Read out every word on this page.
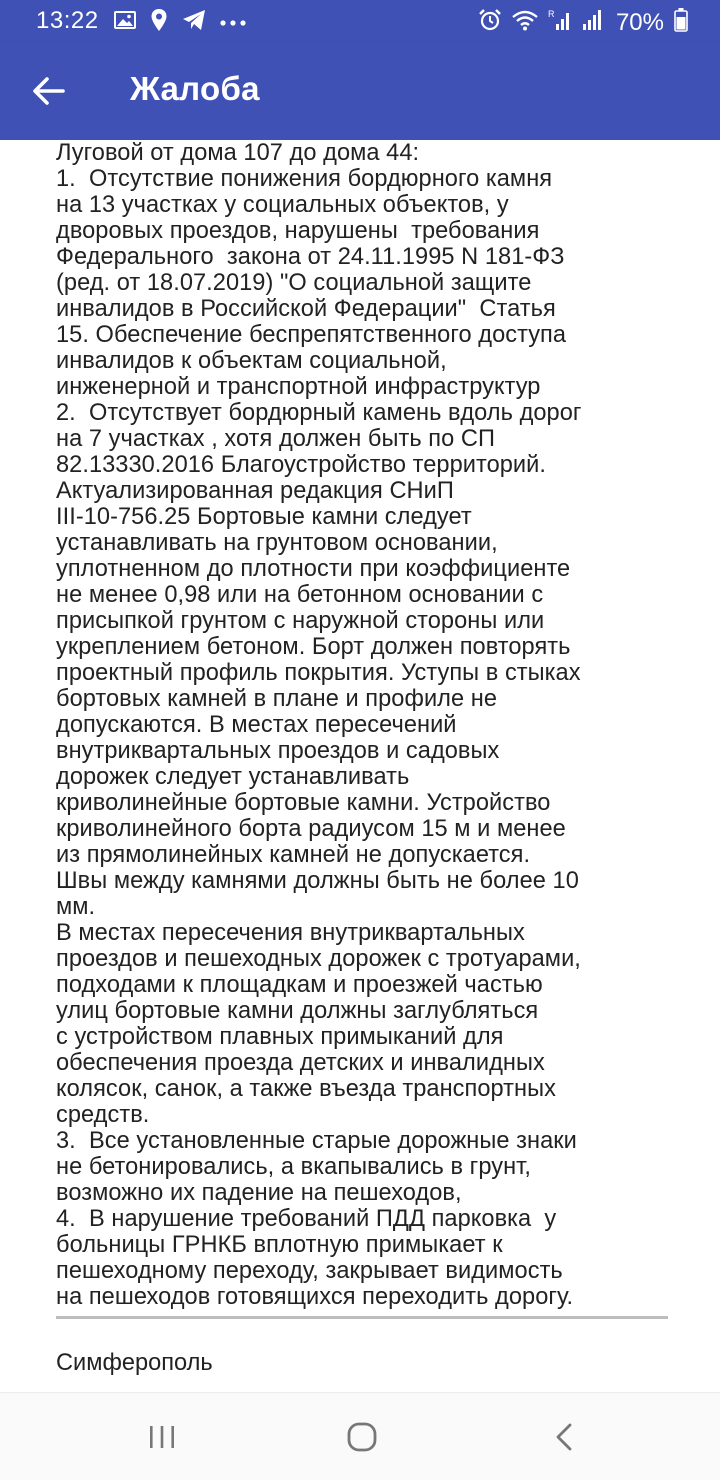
13:22	R	70%
Жалоба
Луговой от дома 107 до дома 44:
1.  Отсутствие понижения бордюрного камня
на 13 участках у социальных объектов, у
дворовых проездов, нарушены  требования
Федерального  закона от 24.11.1995 N 181-ФЗ
(ред. от 18.07.2019) "О социальной защите
инвалидов в Российской Федерации"  Статья
15. Обеспечение беспрепятственного доступа
инвалидов к объектам социальной,
инженерной и транспортной инфраструктур
2.  Отсутствует бордюрный камень вдоль дорог
на 7 участках , хотя должен быть по СП
82.13330.2016 Благоустройство территорий.
Актуализированная редакция СНиП
III-10-756.25 Бортовые камни следует
устанавливать на грунтовом основании,
уплотненном до плотности при коэффициенте
не менее 0,98 или на бетонном основании с
присыпкой грунтом с наружной стороны или
укреплением бетоном. Борт должен повторять
проектный профиль покрытия. Уступы в стыках
бортовых камней в плане и профиле не
допускаются. В местах пересечений
внутриквартальных проездов и садовых
дорожек следует устанавливать
криволинейные бортовые камни. Устройство
криволинейного борта радиусом 15 м и менее
из прямолинейных камней не допускается.
Швы между камнями должны быть не более 10
мм.
В местах пересечения внутриквартальных
проездов и пешеходных дорожек с тротуарами,
подходами к площадкам и проезжей частью
улиц бортовые камни должны заглубляться
с устройством плавных примыканий для
обеспечения проезда детских и инвалидных
колясок, санок, а также въезда транспортных
средств.
3.  Все установленные старые дорожные знаки
не бетонировались, а вкапывались в грунт,
возможно их падение на пешеходов,
4.  В нарушение требований ПДД парковка  у
больницы ГРНКБ вплотную примыкает к
пешеходному переходу, закрывает видимость
на пешеходов готовящихся переходить дорогу.
Симферополь
